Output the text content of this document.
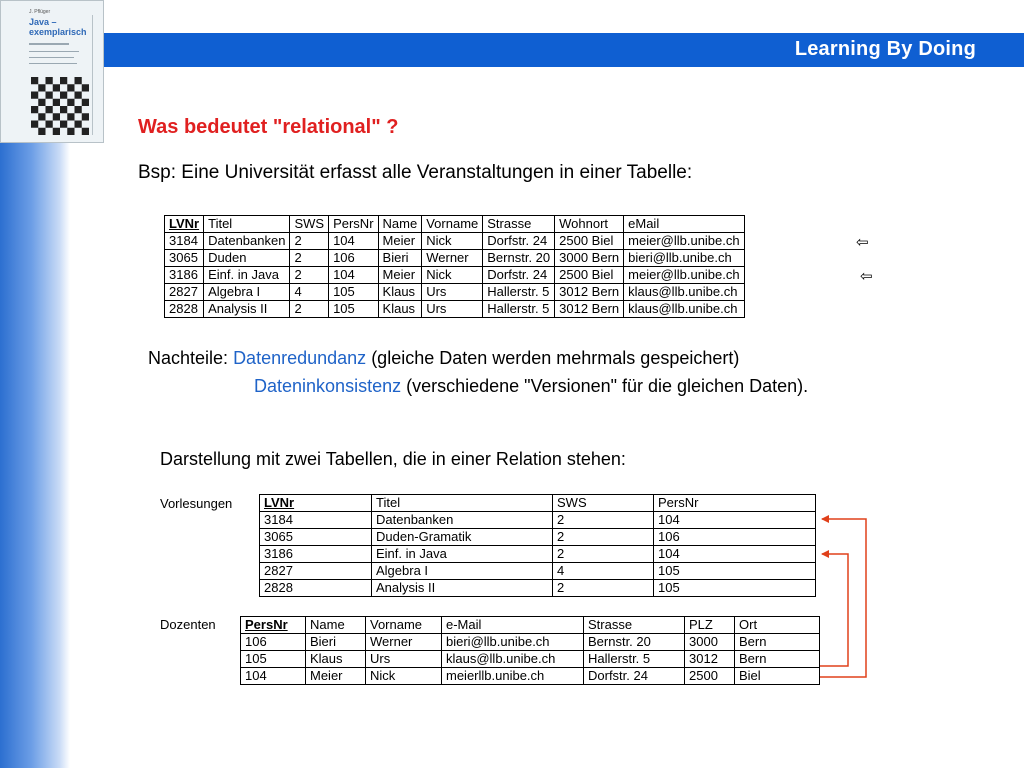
Learning By Doing
J. Pflüger
Java –
exemplarisch
Was bedeutet "relational" ?
Bsp: Eine Universität erfasst alle Veranstaltungen in einer Tabelle:
LVNr	Titel	SWS	PersNr	Name	Vorname	Strasse	Wohnort	eMail
3184	Datenbanken	2	104	Meier	Nick	Dorfstr. 24	2500 Biel	meier@llb.unibe.ch
3065	Duden	2	106	Bieri	Werner	Bernstr. 20	3000 Bern	bieri@llb.unibe.ch
3186	Einf. in Java	2	104	Meier	Nick	Dorfstr. 24	2500 Biel	meier@llb.unibe.ch
2827	Algebra I	4	105	Klaus	Urs	Hallerstr. 5	3012 Bern	klaus@llb.unibe.ch
2828	Analysis II	2	105	Klaus	Urs	Hallerstr. 5	3012 Bern	klaus@llb.unibe.ch
⇦
⇦
Nachteile: Datenredundanz (gleiche Daten werden mehrmals gespeichert)
Dateninkonsistenz (verschiedene "Versionen" für die gleichen Daten).
Darstellung mit zwei Tabellen, die in einer Relation stehen:
Vorlesungen LVNr	Titel	SWS	PersNr
3184	Datenbanken	2	104
3065	Duden-Gramatik	2	106
3186	Einf. in Java	2	104
2827	Algebra I	4	105
2828	Analysis II	2	105
Dozenten PersNr	Name	Vorname	e-Mail	Strasse	PLZ	Ort
106	Bieri	Werner	bieri@llb.unibe.ch	Bernstr. 20	3000	Bern
105	Klaus	Urs	klaus@llb.unibe.ch	Hallerstr. 5	3012	Bern
104	Meier	Nick	meierllb.unibe.ch	Dorfstr. 24	2500	Biel
